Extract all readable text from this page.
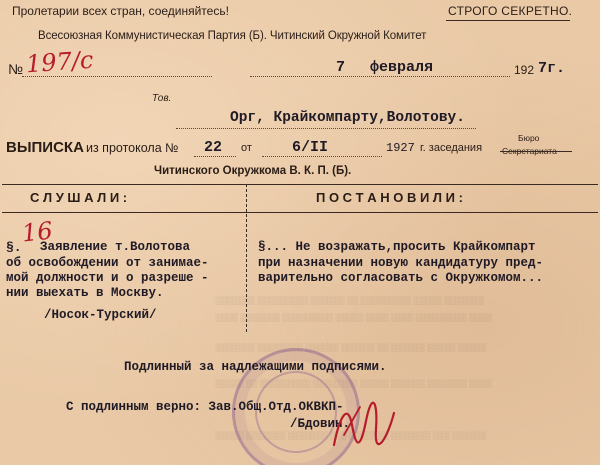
░░░░░░░ ░░░░░░░░░ ░░░░░░ ░░ ░░░░░░░░░ ░░░░░ ░░░░░░░
░░░░ ░░░░░░░ ░░░░░░░░░ ░░░░░ ░░░░ ░░░░ ░░░░░░░░░ ░░░░
░░░░░░░ ░░░░░░░░ ░░░░░░ ░░░░░░ ░░ ░░░░░░ ░░░░░ ░░░░░
░░░░░ ░░ ░░░░░░░░░ ░░░░░░░░ ░░░░░ ░░░░░░ ░░░░░░░ ░░░░
░░░░░ ░░░░░░░ ░░░░░░░ ░░░ ░░░░░░░ ░░░░░░░ ░░░ ░░░░░░
Пролетарии всех стран, соединяйтесь!	СТРОГО СЕКРЕТНО.
Всесоюзная Коммунистическая Партия (Б). Читинский Окружной Комитет
№ 197/с	7 февраля	192 7г.
Тов.
Орг, Крайкомпарту,Волотову.
ВЫПИСКА из протокола № 22 от	6/II	1927 г. заседания
Бюро
Секретариата
Читинского Окружкома В. К. П. (Б).
С Л У Ш А Л И :	П О С Т А Н О В И Л И :
§. 16
Заявление т.Волотова
об освобождении от занимае-
мой должности и о разреше -
нии выехать в Москву.
/Носок-Турский/
§... Не возражать,просить Крайкомпарт
при назначении новую кандидатуру пред-
варительно согласовать с Окружкомом...
Подлинный за надлежащими подписями.
С подлинным верно: Зав.Общ.Отд.ОКВКП-
/Бдовин.
